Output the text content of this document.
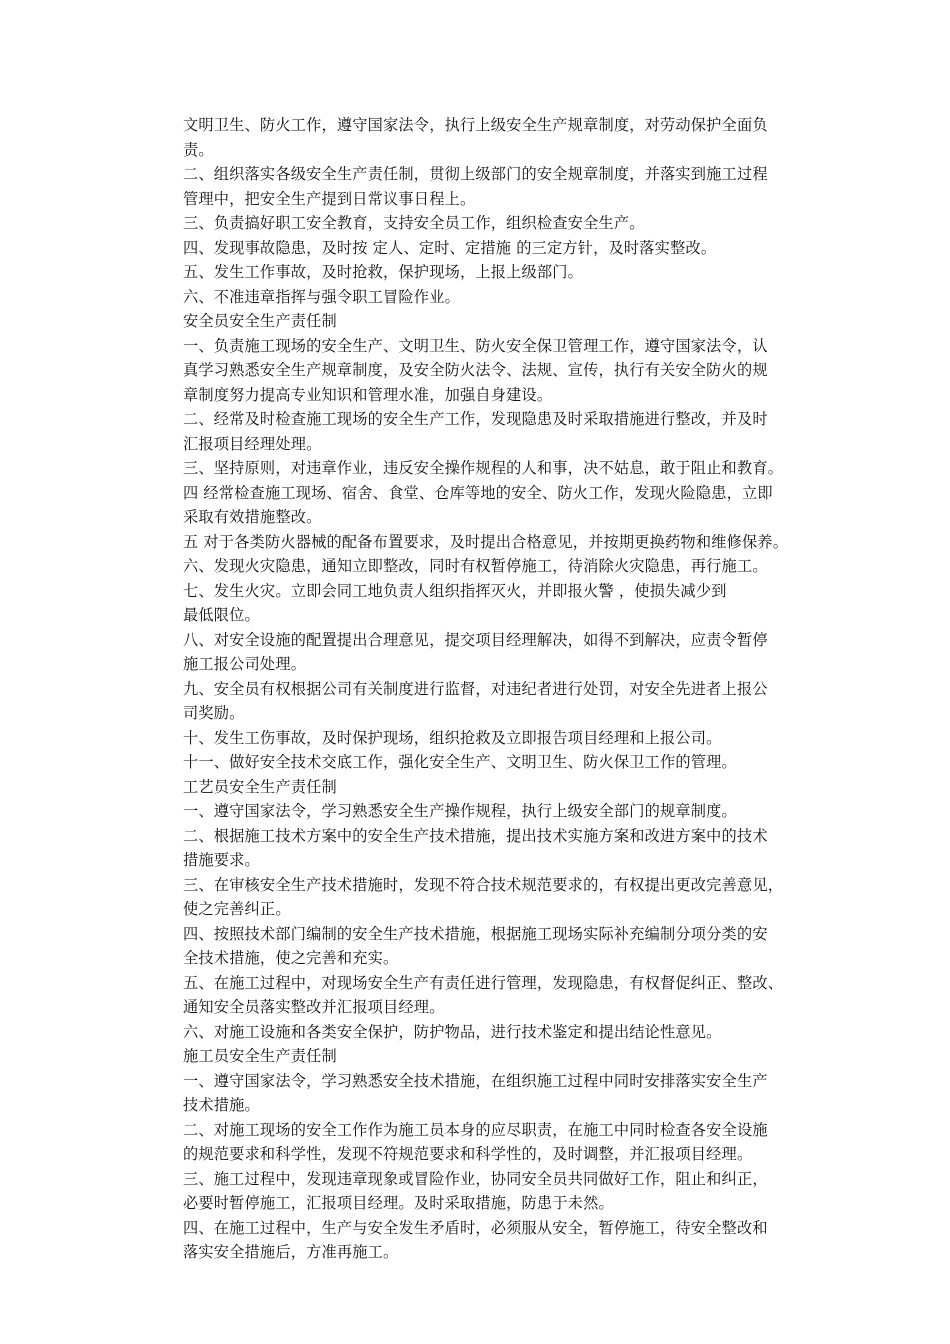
文明卫生、防火工作，遵守国家法令，执行上级安全生产规章制度，对劳动保护全面负
责。
二、组织落实各级安全生产责任制，贯彻上级部门的安全规章制度，并落实到施工过程
管理中，把安全生产提到日常议事日程上。
三、负责搞好职工安全教育，支持安全员工作，组织检查安全生产。
四、发现事故隐患，及时按 定人、定时、定措施 的三定方针，及时落实整改。
五、发生工作事故，及时抢救，保护现场，上报上级部门。
六、不准违章指挥与强令职工冒险作业。
安全员安全生产责任制
一、负责施工现场的安全生产、文明卫生、防火安全保卫管理工作，遵守国家法令，认
真学习熟悉安全生产规章制度，及安全防火法令、法规、宣传，执行有关安全防火的规
章制度努力提高专业知识和管理水准，加强自身建设。
二、经常及时检查施工现场的安全生产工作，发现隐患及时采取措施进行整改，并及时
汇报项目经理处理。
三、坚持原则，对违章作业，违反安全操作规程的人和事，决不姑息，敢于阻止和教育。
四 经常检查施工现场、宿舍、食堂、仓库等地的安全、防火工作，发现火险隐患，立即
采取有效措施整改。
五 对于各类防火器械的配备布置要求，及时提出合格意见，并按期更换药物和维修保养。
六、发现火灾隐患，通知立即整改，同时有权暂停施工，待消除火灾隐患，再行施工。
七、发生火灾。立即会同工地负责人组织指挥灭火，并即报火警 ，使损失减少到
最低限位。
八、对安全设施的配置提出合理意见，提交项目经理解决，如得不到解决，应责令暂停
施工报公司处理。
九、安全员有权根据公司有关制度进行监督，对违纪者进行处罚，对安全先进者上报公
司奖励。
十、发生工伤事故，及时保护现场，组织抢救及立即报告项目经理和上报公司。
十一、做好安全技术交底工作，强化安全生产、文明卫生、防火保卫工作的管理。
工艺员安全生产责任制
一、遵守国家法令，学习熟悉安全生产操作规程，执行上级安全部门的规章制度。
二、根据施工技术方案中的安全生产技术措施，提出技术实施方案和改进方案中的技术
措施要求。
三、在审核安全生产技术措施时，发现不符合技术规范要求的，有权提出更改完善意见，
使之完善纠正。
四、按照技术部门编制的安全生产技术措施，根据施工现场实际补充编制分项分类的安
全技术措施，使之完善和充实。
五、在施工过程中，对现场安全生产有责任进行管理，发现隐患，有权督促纠正、整改、
通知安全员落实整改并汇报项目经理。
六、对施工设施和各类安全保护，防护物品，进行技术鉴定和提出结论性意见。
施工员安全生产责任制
一、遵守国家法令，学习熟悉安全技术措施，在组织施工过程中同时安排落实安全生产
技术措施。
二、对施工现场的安全工作作为施工员本身的应尽职责，在施工中同时检查各安全设施
的规范要求和科学性，发现不符规范要求和科学性的，及时调整，并汇报项目经理。
三、施工过程中，发现违章现象或冒险作业，协同安全员共同做好工作，阻止和纠正，
必要时暂停施工，汇报项目经理。及时采取措施，防患于未然。
四、在施工过程中，生产与安全发生矛盾时，必须服从安全，暂停施工，待安全整改和
落实安全措施后，方准再施工。
